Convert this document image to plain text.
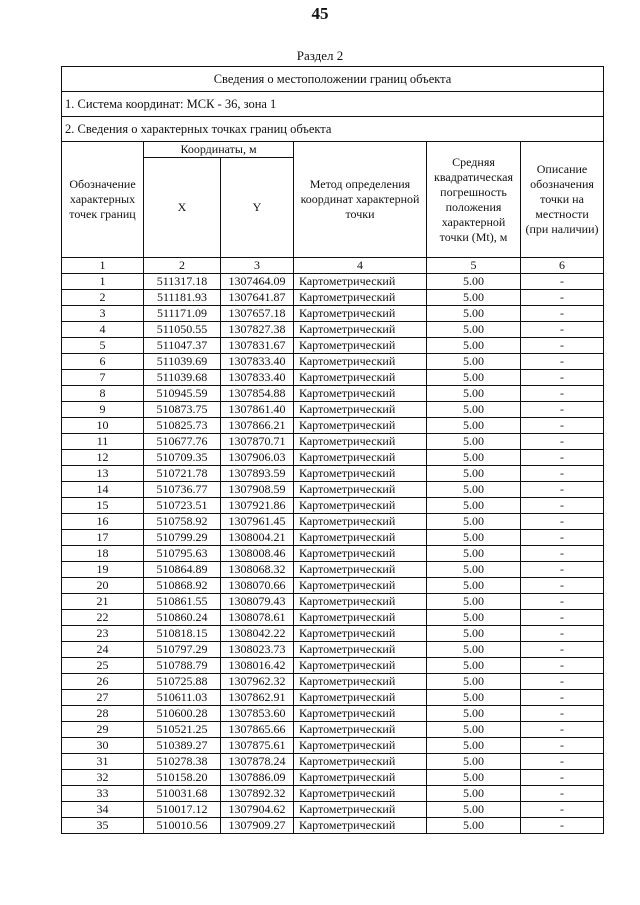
45
Раздел 2
Сведения о местоположении границ объекта					
1. Система координат: МСК - 36, зона 1					
2. Сведения о характерных точках границ объекта					
Обозначение характерных точек границ	Координаты, м		Метод определения координат характерной точки	Средняя квадратическая погрешность положения характерной точки (Mt), м	Описание обозначения точки на местности (при наличии)
	X	Y			
1	2	3	4	5	6
1	511317.18	1307464.09	Картометрический	5.00	-
2	511181.93	1307641.87	Картометрический	5.00	-
3	511171.09	1307657.18	Картометрический	5.00	-
4	511050.55	1307827.38	Картометрический	5.00	-
5	511047.37	1307831.67	Картометрический	5.00	-
6	511039.69	1307833.40	Картометрический	5.00	-
7	511039.68	1307833.40	Картометрический	5.00	-
8	510945.59	1307854.88	Картометрический	5.00	-
9	510873.75	1307861.40	Картометрический	5.00	-
10	510825.73	1307866.21	Картометрический	5.00	-
11	510677.76	1307870.71	Картометрический	5.00	-
12	510709.35	1307906.03	Картометрический	5.00	-
13	510721.78	1307893.59	Картометрический	5.00	-
14	510736.77	1307908.59	Картометрический	5.00	-
15	510723.51	1307921.86	Картометрический	5.00	-
16	510758.92	1307961.45	Картометрический	5.00	-
17	510799.29	1308004.21	Картометрический	5.00	-
18	510795.63	1308008.46	Картометрический	5.00	-
19	510864.89	1308068.32	Картометрический	5.00	-
20	510868.92	1308070.66	Картометрический	5.00	-
21	510861.55	1308079.43	Картометрический	5.00	-
22	510860.24	1308078.61	Картометрический	5.00	-
23	510818.15	1308042.22	Картометрический	5.00	-
24	510797.29	1308023.73	Картометрический	5.00	-
25	510788.79	1308016.42	Картометрический	5.00	-
26	510725.88	1307962.32	Картометрический	5.00	-
27	510611.03	1307862.91	Картометрический	5.00	-
28	510600.28	1307853.60	Картометрический	5.00	-
29	510521.25	1307865.66	Картометрический	5.00	-
30	510389.27	1307875.61	Картометрический	5.00	-
31	510278.38	1307878.24	Картометрический	5.00	-
32	510158.20	1307886.09	Картометрический	5.00	-
33	510031.68	1307892.32	Картометрический	5.00	-
34	510017.12	1307904.62	Картометрический	5.00	-
35	510010.56	1307909.27	Картометрический	5.00	-
